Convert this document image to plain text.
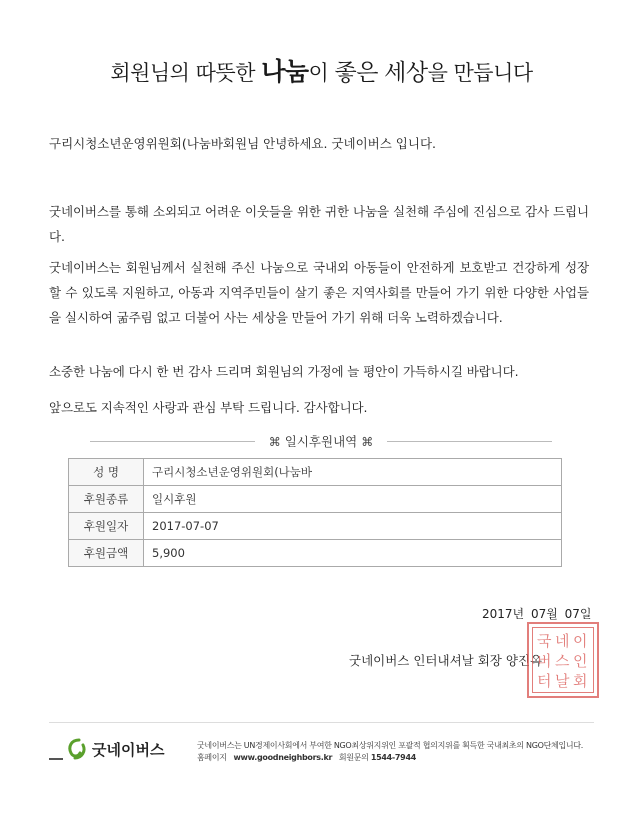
회원님의 따뜻한 나눔이 좋은 세상을 만듭니다
구리시청소년운영위원회(나눔바회원님 안녕하세요. 굿네이버스 입니다.
굿네이버스를 통해 소외되고 어려운 이웃들을 위한 귀한 나눔을 실천해 주심에 진심으로 감사 드립니다.
굿네이버스는 회원님께서 실천해 주신 나눔으로 국내외 아동들이 안전하게 보호받고 건강하게 성장할 수 있도록 지원하고, 아동과 지역주민들이 살기 좋은 지역사회를 만들어 가기 위한 다양한 사업들을 실시하여 굶주림 없고 더불어 사는 세상을 만들어 가기 위해 더욱 노력하겠습니다.
소중한 나눔에 다시 한 번 감사 드리며 회원님의 가정에 늘 평안이 가득하시길 바랍니다.
앞으로도 지속적인 사랑과 관심 부탁 드립니다. 감사합니다.
⌘ 일시후원내역 ⌘
성 명	구리시청소년운영위원회(나눔바
후원종류	일시후원
후원일자	2017-07-07
후원금액	5,900
2017년 07월 07일
굿네이버스 인터내셔날 회장 양진옥
국 네 이
버 스 인
터 날 회
굿네이버스	굿네이버스는 UN경제이사회에서 부여한 NGO최상위지위인 포괄적 협의지위를 획득한 국내최초의 NGO단체입니다.
홈페이지 www.goodneighbors.kr 회원문의 1544-7944
